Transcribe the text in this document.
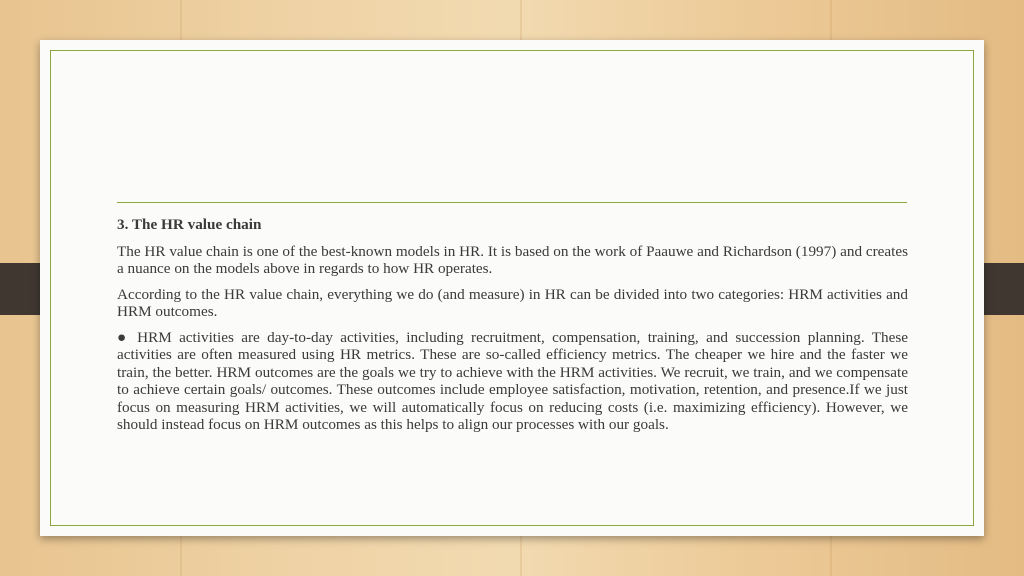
3. The HR value chain
The HR value chain is one of the best-known models in HR. It is based on the work of Paauwe and Richardson (1997) and creates a nuance on the models above in regards to how HR operates.
According to the HR value chain, everything we do (and measure) in HR can be divided into two categories: HRM activities and HRM outcomes.
● HRM activities are day-to-day activities, including recruitment, compensation, training, and succession planning. These activities are often measured using HR metrics. These are so-called efficiency metrics. The cheaper we hire and the faster we train, the better. HRM outcomes are the goals we try to achieve with the HRM activities. We recruit, we train, and we compensate to achieve certain goals/ outcomes. These outcomes include employee satisfaction, motivation, retention, and presence.If we just focus on measuring HRM activities, we will automatically focus on reducing costs (i.e. maximizing efficiency). However, we should instead focus on HRM outcomes as this helps to align our processes with our goals.
